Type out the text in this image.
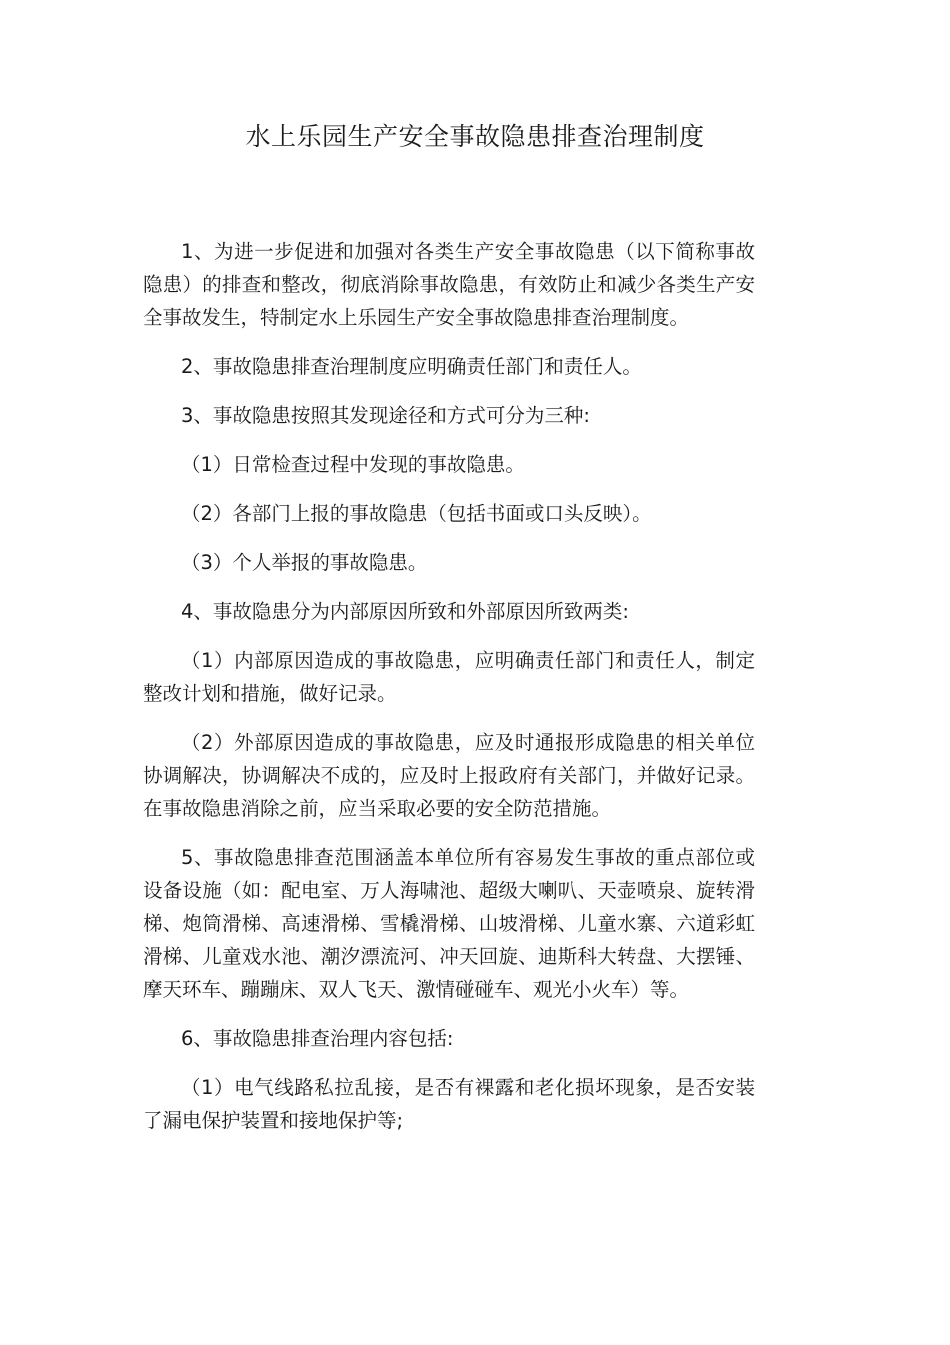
水上乐园生产安全事故隐患排查治理制度

1、为进一步促进和加强对各类生产安全事故隐患（以下简称事故隐患）的排查和整改，彻底消除事故隐患，有效防止和减少各类生产安全事故发生，特制定水上乐园生产安全事故隐患排查治理制度。

2、事故隐患排查治理制度应明确责任部门和责任人。

3、事故隐患按照其发现途径和方式可分为三种:

（1）日常检查过程中发现的事故隐患。

（2）各部门上报的事故隐患（包括书面或口头反映）。

（3）个人举报的事故隐患。

4、事故隐患分为内部原因所致和外部原因所致两类:

（1）内部原因造成的事故隐患，应明确责任部门和责任人，制定整改计划和措施，做好记录。

（2）外部原因造成的事故隐患，应及时通报形成隐患的相关单位协调解决，协调解决不成的，应及时上报政府有关部门，并做好记录。在事故隐患消除之前，应当采取必要的安全防范措施。

5、事故隐患排查范围涵盖本单位所有容易发生事故的重点部位或设备设施（如：配电室、万人海啸池、超级大喇叭、天壶喷泉、旋转滑梯、炮筒滑梯、高速滑梯、雪橇滑梯、山坡滑梯、儿童水寨、六道彩虹滑梯、儿童戏水池、潮汐漂流河、冲天回旋、迪斯科大转盘、大摆锤、摩天环车、蹦蹦床、双人飞天、激情碰碰车、观光小火车）等。

6、事故隐患排查治理内容包括:

（1）电气线路私拉乱接，是否有裸露和老化损坏现象，是否安装了漏电保护装置和接地保护等;
